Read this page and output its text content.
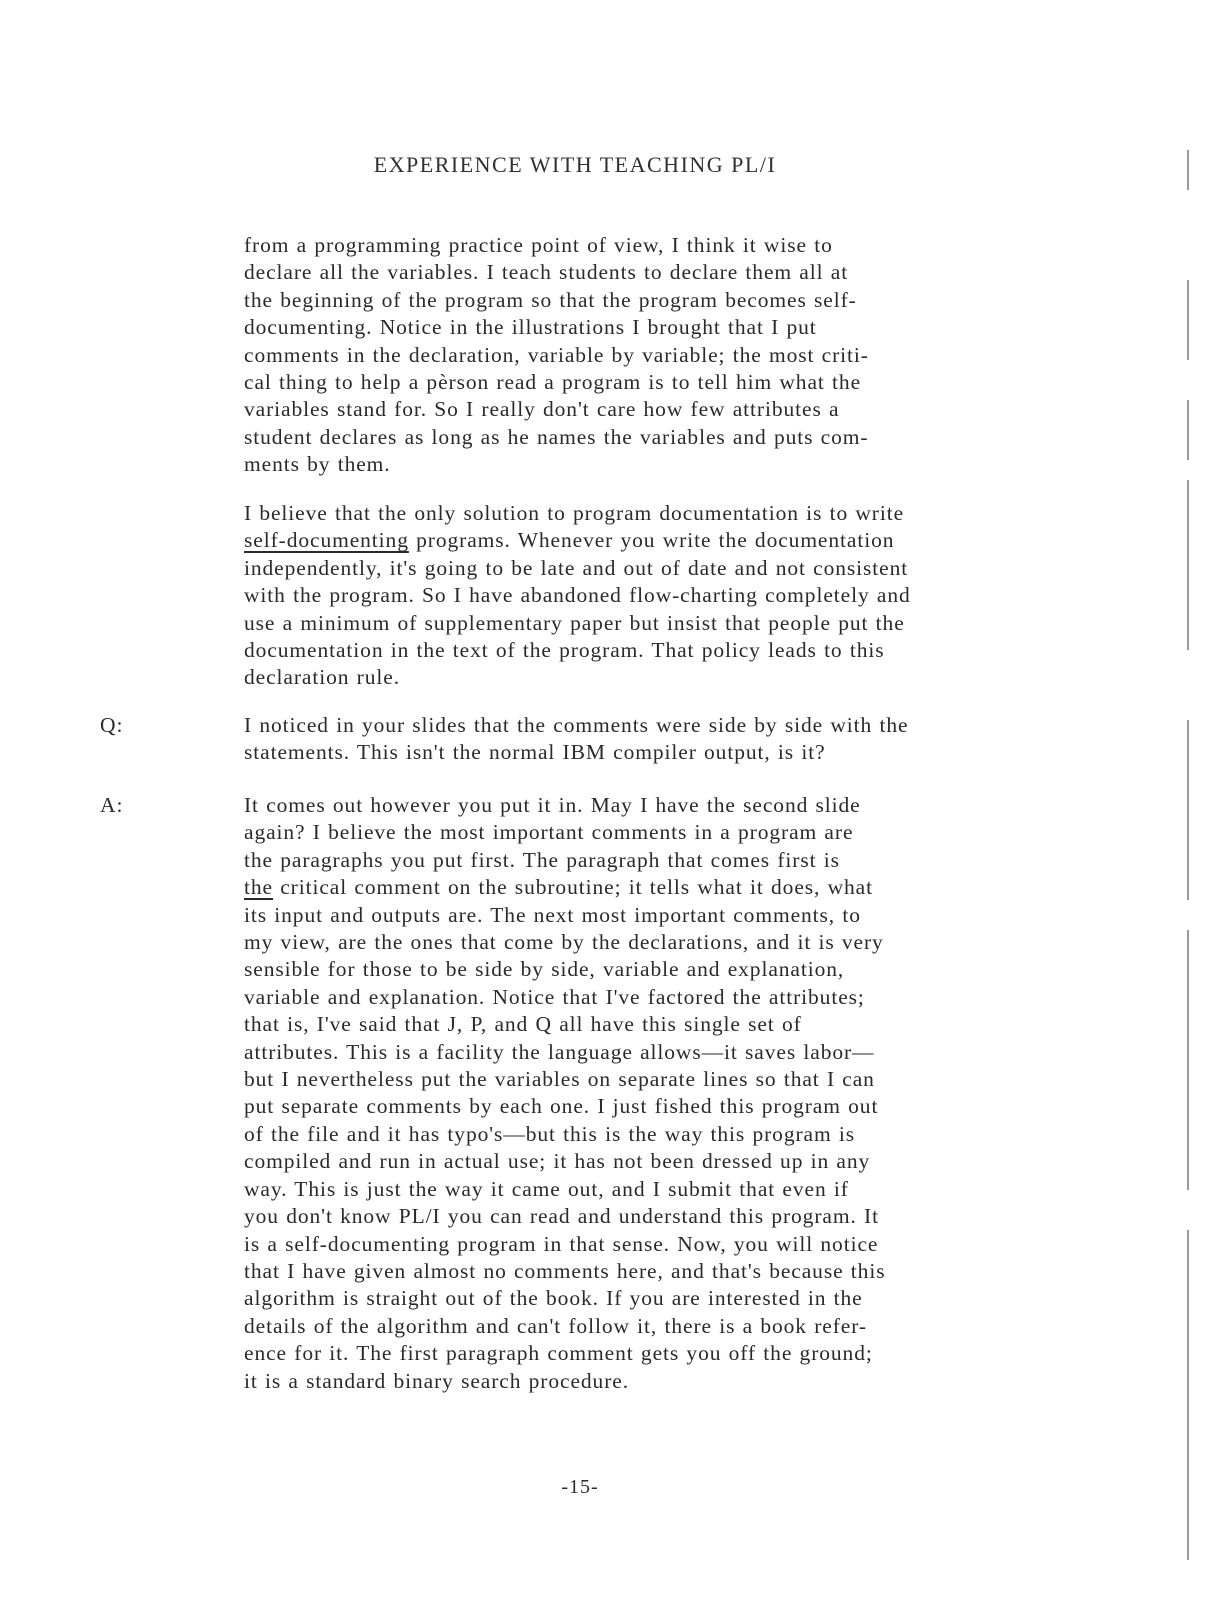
EXPERIENCE WITH TEACHING PL/I
from a programming practice point of view, I think it wise to
declare all the variables. I teach students to declare them all at
the beginning of the program so that the program becomes self-
documenting. Notice in the illustrations I brought that I put
comments in the declaration, variable by variable; the most criti-
cal thing to help a pèrson read a program is to tell him what the
variables stand for. So I really don't care how few attributes a
student declares as long as he names the variables and puts com-
ments by them.
I believe that the only solution to program documentation is to write
self-documenting programs. Whenever you write the documentation
independently, it's going to be late and out of date and not consistent
with the program. So I have abandoned flow-charting completely and
use a minimum of supplementary paper but insist that people put the
documentation in the text of the program. That policy leads to this
declaration rule.
Q:	I noticed in your slides that the comments were side by side with the
statements. This isn't the normal IBM compiler output, is it?
A:	It comes out however you put it in. May I have the second slide
again? I believe the most important comments in a program are
the paragraphs you put first. The paragraph that comes first is
the critical comment on the subroutine; it tells what it does, what
its input and outputs are. The next most important comments, to
my view, are the ones that come by the declarations, and it is very
sensible for those to be side by side, variable and explanation,
variable and explanation. Notice that I've factored the attributes;
that is, I've said that J, P, and Q all have this single set of
attributes. This is a facility the language allows—it saves labor—
but I nevertheless put the variables on separate lines so that I can
put separate comments by each one. I just fished this program out
of the file and it has typo's—but this is the way this program is
compiled and run in actual use; it has not been dressed up in any
way. This is just the way it came out, and I submit that even if
you don't know PL/I you can read and understand this program. It
is a self-documenting program in that sense. Now, you will notice
that I have given almost no comments here, and that's because this
algorithm is straight out of the book. If you are interested in the
details of the algorithm and can't follow it, there is a book refer-
ence for it. The first paragraph comment gets you off the ground;
it is a standard binary search procedure.
-15-
